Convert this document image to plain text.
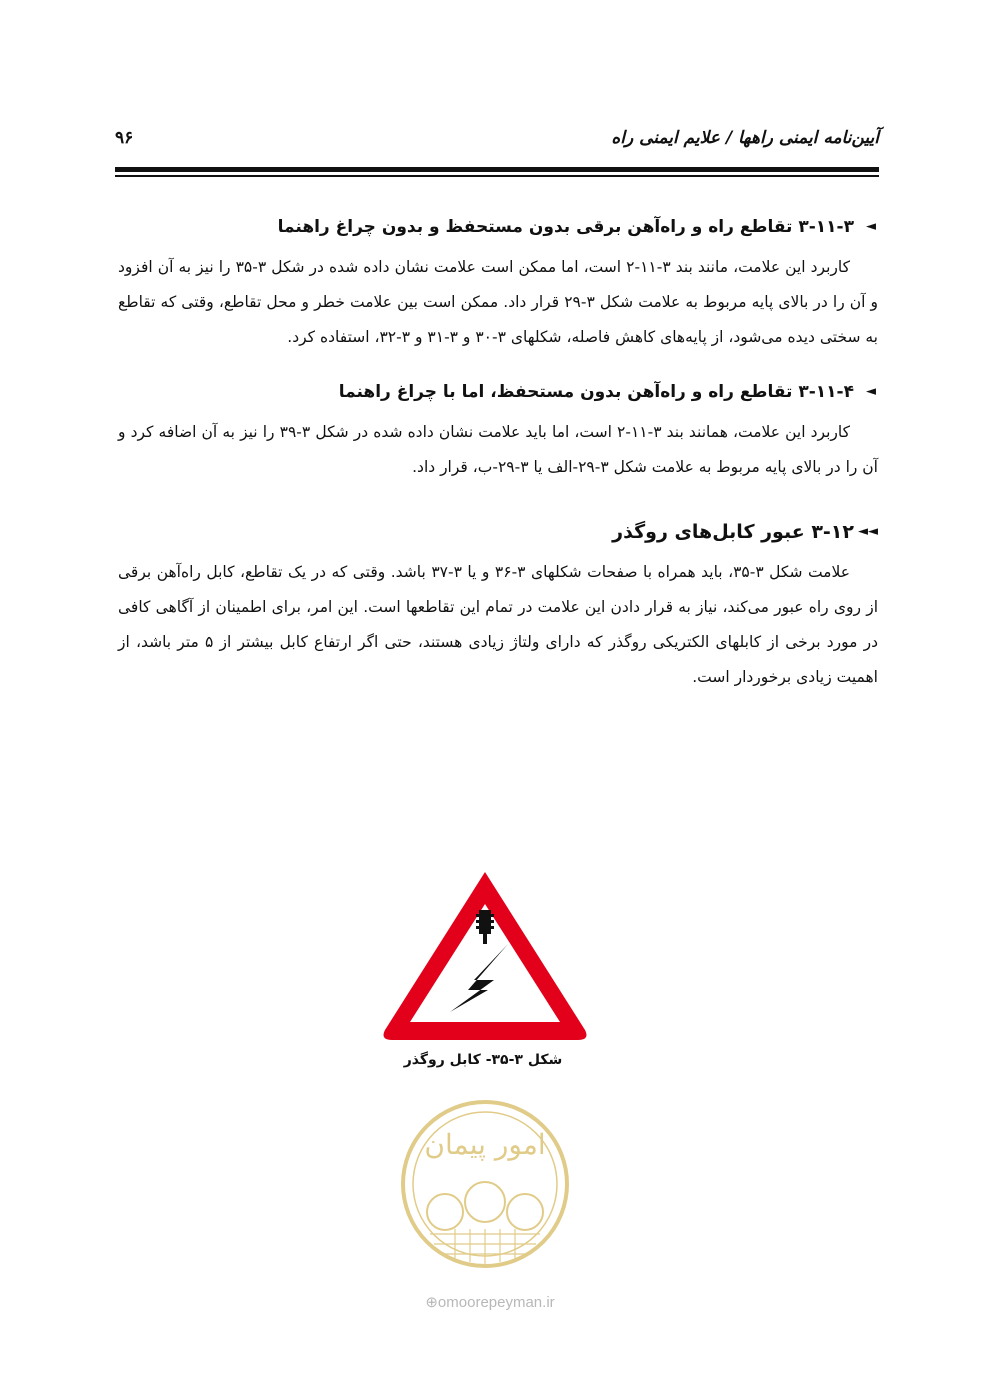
آیین‌نامه ایمنی راهها / علایم ایمنی راه
۹۶
◄
۳-۱۱-۳ تقاطع راه و راه‌آهن برقی بدون مستحفظ و بدون چراغ راهنما

کاربرد این علامت، مانند بند ۳-۱۱-۲ است، اما ممکن است علامت نشان داده شده در شکل ۳-۳۵ را نیز به آن افزود و آن را در بالای پایه مربوط به علامت شکل ۳-۲۹ قرار داد. ممکن است بین علامت خطر و محل تقاطع، وقتی که تقاطع به سختی دیده می‌شود، از پایه‌های کاهش فاصله، شکلهای ۳-۳۰ و ۳-۳۱ و ۳-۳۲، استفاده کرد.

◄
۳-۱۱-۴ تقاطع راه و راه‌آهن بدون مستحفظ، اما با چراغ راهنما

کاربرد این علامت، همانند بند ۳-۱۱-۲ است، اما باید علامت نشان داده شده در شکل ۳-۳۹ را نیز به آن اضافه کرد و آن را در بالای پایه مربوط به علامت شکل ۳-۲۹-الف یا ۳-۲۹-ب، قرار داد.

◄◄
۳-۱۲ عبور کابل‌های روگذر

علامت شکل ۳-۳۵، باید همراه با صفحات شکلهای ۳-۳۶ و یا ۳-۳۷ باشد. وقتی که در یک تقاطع، کابل راه‌آهن برقی از روی راه عبور می‌کند، نیاز به قرار دادن این علامت در تمام این تقاطعها است. این امر، برای اطمینان از آگاهی کافی در مورد برخی از کابلهای الکتریکی روگذر که دارای ولتاژ زیادی هستند، حتی اگر ارتفاع کابل بیشتر از ۵ متر باشد، از اهمیت زیادی برخوردار است.

شکل ۳-۳۵- کابل روگذر
امور پیمان
⊕omoorepeyman.ir
